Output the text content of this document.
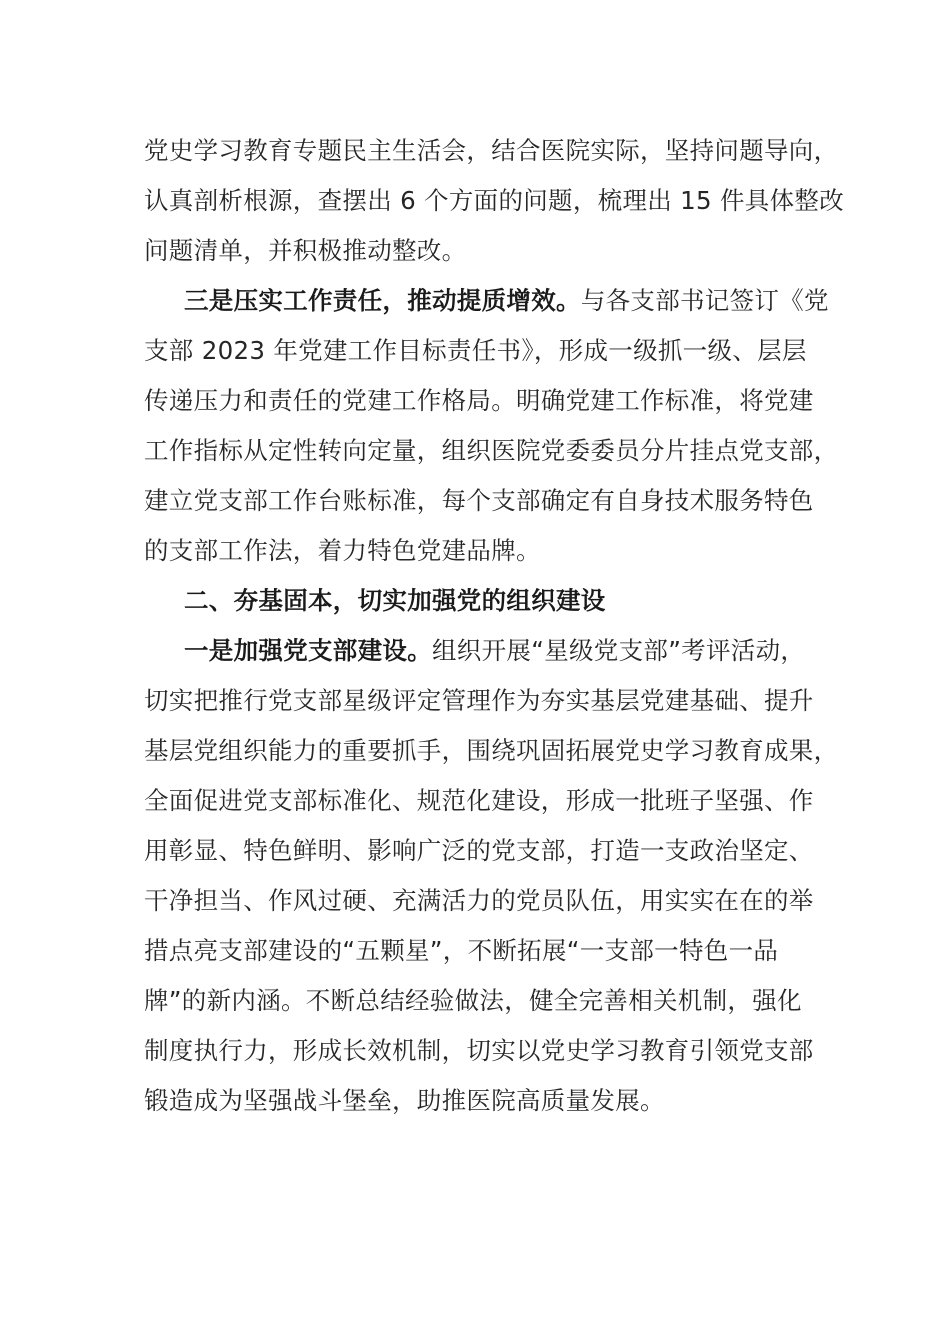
党史学习教育专题民主生活会，结合医院实际，坚持问题导向，
认真剖析根源，查摆出 6 个方面的问题，梳理出 15 件具体整改
问题清单，并积极推动整改。
三是压实工作责任，推动提质增效。与各支部书记签订《党
支部 2023 年党建工作目标责任书》，形成一级抓一级、层层
传递压力和责任的党建工作格局。明确党建工作标准，将党建
工作指标从定性转向定量，组织医院党委委员分片挂点党支部，
建立党支部工作台账标准，每个支部确定有自身技术服务特色
的支部工作法，着力特色党建品牌。
二、夯基固本，切实加强党的组织建设
一是加强党支部建设。组织开展“星级党支部”考评活动，
切实把推行党支部星级评定管理作为夯实基层党建基础、提升
基层党组织能力的重要抓手，围绕巩固拓展党史学习教育成果，
全面促进党支部标准化、规范化建设，形成一批班子坚强、作
用彰显、特色鲜明、影响广泛的党支部，打造一支政治坚定、
干净担当、作风过硬、充满活力的党员队伍，用实实在在的举
措点亮支部建设的“五颗星”，不断拓展“一支部一特色一品
牌”的新内涵。不断总结经验做法，健全完善相关机制，强化
制度执行力，形成长效机制，切实以党史学习教育引领党支部
锻造成为坚强战斗堡垒，助推医院高质量发展。
